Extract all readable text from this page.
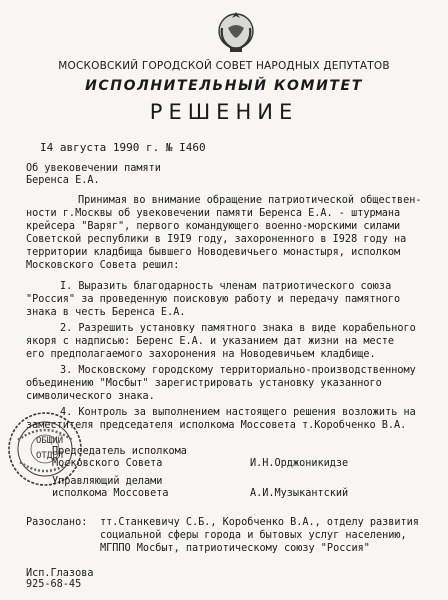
МОСКОВСКИЙ ГОРОДСКОЙ СОВЕТ НАРОДНЫХ ДЕПУТАТОВ
ИСПОЛНИТЕЛЬНЫЙ КОМИТЕТ
РЕШЕНИЕ
I4 августа 1990 г. № I460
Об увековечении памяти
Беренса Е.А.
Принимая во внимание обращение патриотической обществен-
ности г.Москвы об увековечении памяти Беренса Е.А. - штурмана
крейсера "Варяг", первого командующего военно-морскими силами
Советской республики в I9I9 году, захороненного в I928 году на
территории кладбища бывшего Новодевичьего монастыря, исполком
Московского Совета решил:
I. Выразить благодарность членам патриотического союза
"Россия" за проведенную поисковую работу и передачу памятного
знака в честь Беренса Е.А.
2. Разрешить установку памятного знака в виде корабельного
якоря с надписью: Беренс Е.А. и указанием дат жизни на месте
его предполагаемого захоронения на Новодевичьем кладбище.
3. Московскому городскому территориально-производственному
объединению "Мосбыт" зарегистрировать установку указанного
символического знака.
4. Контроль за выполнением настоящего решения возложить на
заместителя председателя исполкома Моссовета т.Коробченко В.А.
ОБЩИЙ
ОТДЕЛ
Председатель исполкома
Московского Совета	И.Н.Орджоникидзе
Управляющий делами
исполкома Моссовета	А.И.Музыкантский
Разослано: тт.Станкевичу С.Б., Коробченко В.А., отделу развития
социальной сферы города и бытовых услуг населению,
МГППО Мосбыт, патриотическому союзу "Россия"
Исп.Глазова
925-68-45
